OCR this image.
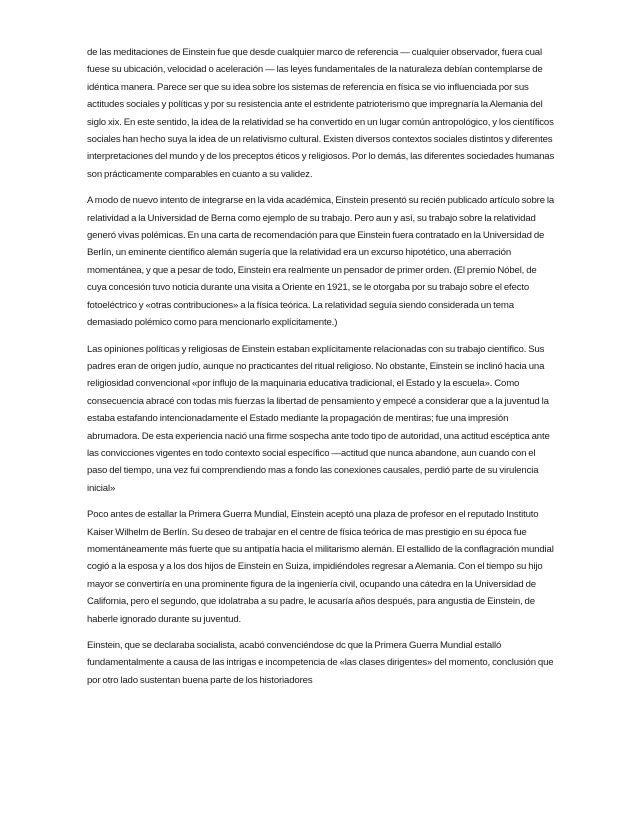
de las meditaciones de Einstein fue que desde cualquier marco de referencia — cualquier observador, fuera cual fuese su ubicación, velocidad o aceleración — las leyes fundamentales de la naturaleza debían contemplarse de idéntica manera. Parece ser que su idea sobre los sistemas de referencia en física se vio influenciada por sus actitudes sociales y políticas y por su resistencia ante el estridente patrioterismo que impregnaría la Alemania del siglo xix. En este sentido, la idea de la relatividad se ha convertido en un lugar común antropológico, y los científicos sociales han hecho suya la idea de un relativismo cultural. Existen diversos contextos sociales distintos y diferentes interpretaciones del mundo y de los preceptos éticos y religiosos. Por lo demás, las diferentes sociedades humanas son prácticamente comparables en cuanto a su validez.

A modo de nuevo intento de integrarse en la vida académica, Einstein presentó su recién publicado artículo sobre la relatividad a la Universidad de Berna como ejemplo de su trabajo. Pero aun y así, su trabajo sobre la relatividad generó vivas polémicas. En una carta de recomendación para que Einstein fuera contratado en la Universidad de Berlín, un eminente científico alemán sugería que la relatividad era un excurso hipotético, una aberración momentánea, y que a pesar de todo, Einstein era realmente un pensador de primer orden. (El premio Nóbel, de cuya concesión tuvo noticia durante una visita a Oriente en 1921, se le otorgaba por su trabajo sobre el efecto fotoeléctrico y «otras contribuciones» a la física teórica. La relatividad seguía siendo considerada un tema demasiado polémico como para mencionarlo explícitamente.)

Las opiniones políticas y religiosas de Einstein estaban explícitamente relacionadas con su trabajo científico. Sus padres eran de origen judío, aunque no practicantes del ritual religioso. No obstante, Einstein se inclinó hacia una religiosidad convencional «por influjo de la maquinaria educativa tradicional, el Estado y la escuela». Como consecuencia abracé con todas mis fuerzas la libertad de pensamiento y empecé a considerar que a la juventud la estaba estafando intencionadamente el Estado mediante la propagación de mentiras; fue una impresión abrumadora. De esta experiencia nació una firme sospecha ante todo tipo de autoridad, una actitud escéptica ante las convicciones vigentes en todo contexto social específico —actitud que nunca abandone, aun cuando con el paso del tiempo, una vez fui comprendiendo mas a fondo las conexiones causales, perdió parte de su virulencia inicial»

Poco antes de estallar la Primera Guerra Mundial, Einstein aceptó una plaza de profesor en el reputado Instituto Kaiser Wilhelm de Berlín. Su deseo de trabajar en el centre de física teórica de mas prestigio en su época fue momentáneamente más fuerte que su antipatía hacia el militarismo alemán. El estallido de la conflagración mundial cogió a la esposa y a los dos hijos de Einstein en Suiza, impidiéndoles regresar a Alemania. Con el tiempo su hijo mayor se convertiría en una prominente figura de la ingeniería civil, ocupando una cátedra en la Universidad de California, pero el segundo, que idolatraba a su padre, le acusaría años después, para angustia de Einstein, de haberle ignorado durante su juventud.

Einstein, que se declaraba socialista, acabó convenciéndose dc que la Primera Guerra Mundial estalló fundamentalmente a causa de las intrigas e incompetencia de «las clases dirigentes» del momento, conclusión que por otro lado sustentan buena parte de los historiadores
